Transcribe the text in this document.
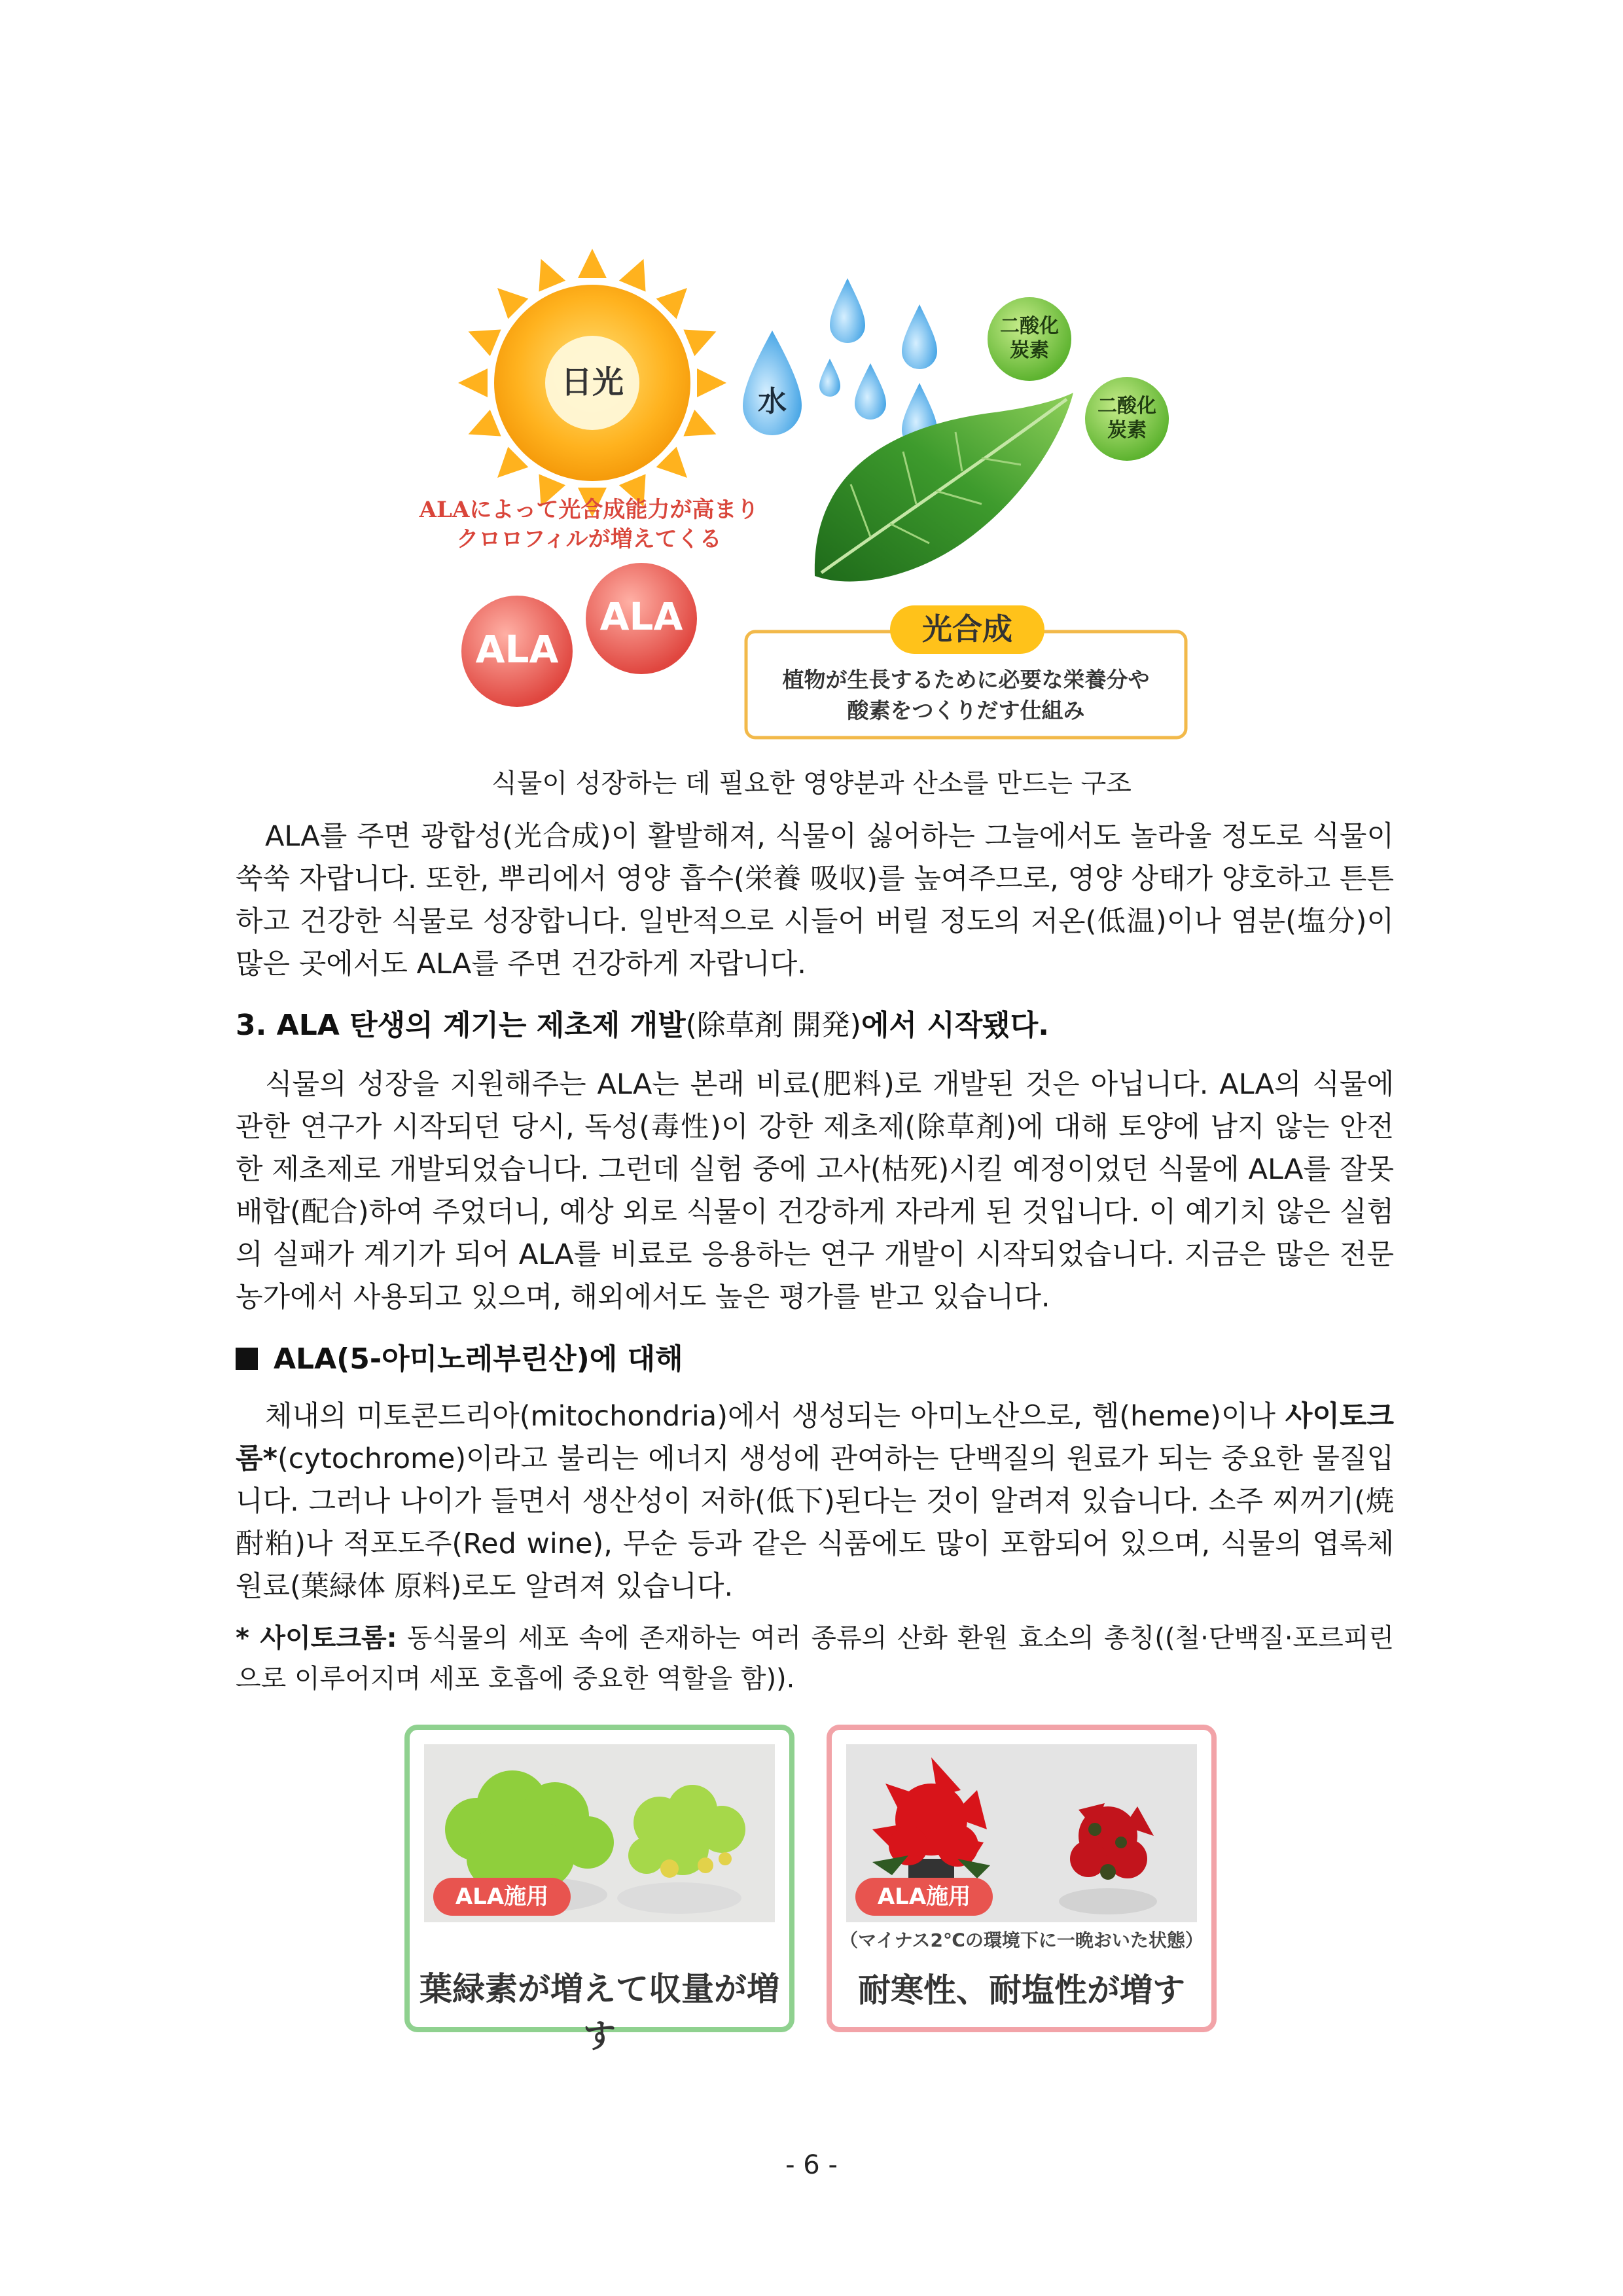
日光
ALAによって光合成能力が高まり
クロロフィルが増えてくる
ALA
ALA
水
二酸化
炭素
二酸化
炭素
光合成
植物が生長するために必要な栄養分や
酸素をつくりだす仕組み
식물이 성장하는 데 필요한 영양분과 산소를 만드는 구조

ALA를 주면 광합성(光合成)이 활발해져, 식물이 싫어하는 그늘에서도 놀라울 정도로 식물이 쑥쑥 자랍니다. 또한, 뿌리에서 영양 흡수(栄養 吸収)를 높여주므로, 영양 상태가 양호하고 튼튼하고 건강한 식물로 성장합니다. 일반적으로 시들어 버릴 정도의 저온(低温)이나 염분(塩分)이 많은 곳에서도 ALA를 주면 건강하게 자랍니다.

3. ALA 탄생의 계기는 제초제 개발(除草剤 開発)에서 시작됐다.

식물의 성장을 지원해주는 ALA는 본래 비료(肥料)로 개발된 것은 아닙니다. ALA의 식물에 관한 연구가 시작되던 당시, 독성(毒性)이 강한 제초제(除草剤)에 대해 토양에 남지 않는 안전한 제초제로 개발되었습니다. 그런데 실험 중에 고사(枯死)시킬 예정이었던 식물에 ALA를 잘못 배합(配合)하여 주었더니, 예상 외로 식물이 건강하게 자라게 된 것입니다. 이 예기치 않은 실험의 실패가 계기가 되어 ALA를 비료로 응용하는 연구 개발이 시작되었습니다. 지금은 많은 전문 농가에서 사용되고 있으며, 해외에서도 높은 평가를 받고 있습니다.

ALA(5-아미노레부린산)에 대해

체내의 미토콘드리아(mitochondria)에서 생성되는 아미노산으로, 헴(heme)이나 사이토크롬*(cytochrome)이라고 불리는 에너지 생성에 관여하는 단백질의 원료가 되는 중요한 물질입니다. 그러나 나이가 들면서 생산성이 저하(低下)된다는 것이 알려져 있습니다. 소주 찌꺼기(焼酎粕)나 적포도주(Red wine), 무순 등과 같은 식품에도 많이 포함되어 있으며, 식물의 엽록체 원료(葉緑体 原料)로도 알려져 있습니다.

* 사이토크롬: 동식물의 세포 속에 존재하는 여러 종류의 산화 환원 효소의 총칭((철·단백질·포르피린으로 이루어지며 세포 호흡에 중요한 역할을 함)).

ALA施用
葉緑素が増えて収量が増す
ALA施用
（マイナス2℃の環境下に一晩おいた状態）
耐寒性、耐塩性が増す
- 6 -
